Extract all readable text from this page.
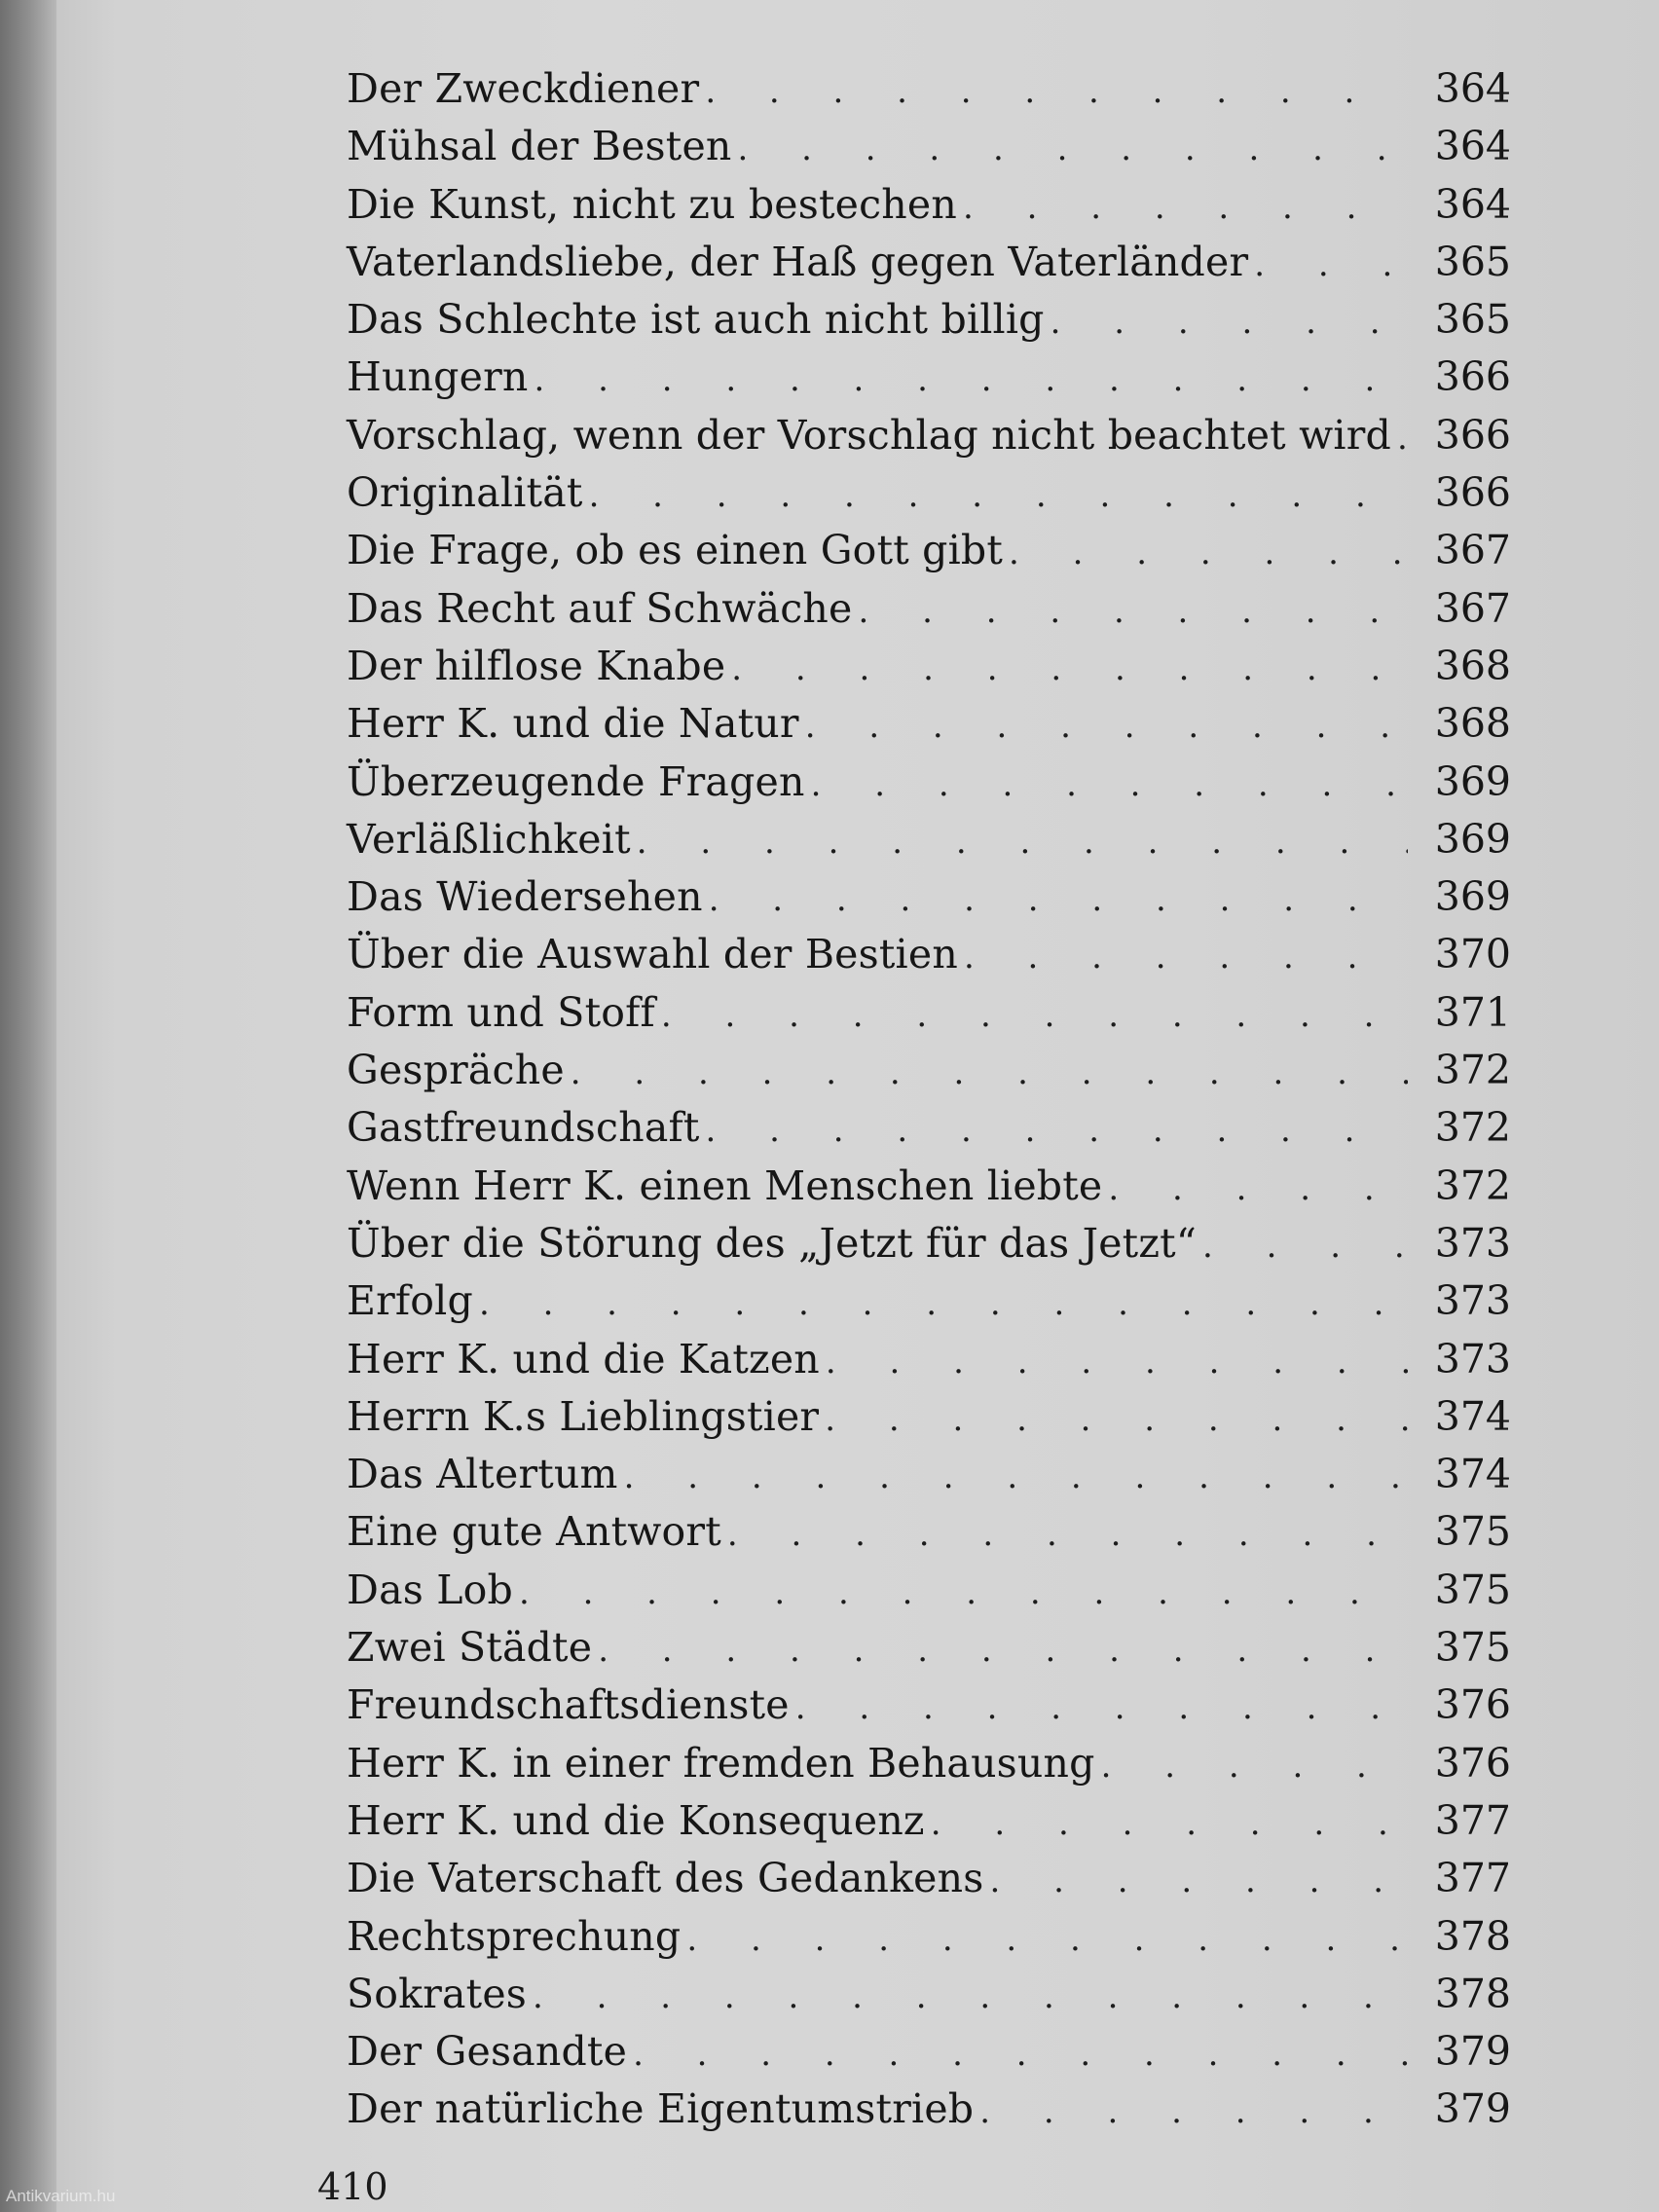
Der Zweckdiener . . .	364
Mühsal der Besten . . .	364
Die Kunst, nicht zu bestechen . . .	364
Vaterlandsliebe, der Haß gegen Vaterländer . . .	365
Das Schlechte ist auch nicht billig . . .	365
Hungern . . .	366
Vorschlag, wenn der Vorschlag nicht beachtet wird . . .	366
Originalität . . .	366
Die Frage, ob es einen Gott gibt . . .	367
Das Recht auf Schwäche . . .	367
Der hilflose Knabe . . .	368
Herr K. und die Natur . . .	368
Überzeugende Fragen . . .	369
Verläßlichkeit . . .	369
Das Wiedersehen . . .	369
Über die Auswahl der Bestien . . .	370
Form und Stoff . . .	371
Gespräche . . .	372
Gastfreundschaft . . .	372
Wenn Herr K. einen Menschen liebte . . .	372
Über die Störung des „Jetzt für das Jetzt“ . . .	373
Erfolg . . .	373
Herr K. und die Katzen . . .	373
Herrn K.s Lieblingstier . . .	374
Das Altertum . . .	374
Eine gute Antwort . . .	375
Das Lob . . .	375
Zwei Städte . . .	375
Freundschaftsdienste . . .	376
Herr K. in einer fremden Behausung . . .	376
Herr K. und die Konsequenz . . .	377
Die Vaterschaft des Gedankens . . .	377
Rechtsprechung . . .	378
Sokrates . . .	378
Der Gesandte . . .	379
Der natürliche Eigentumstrieb . . .	379
410
Antikvarium.hu
